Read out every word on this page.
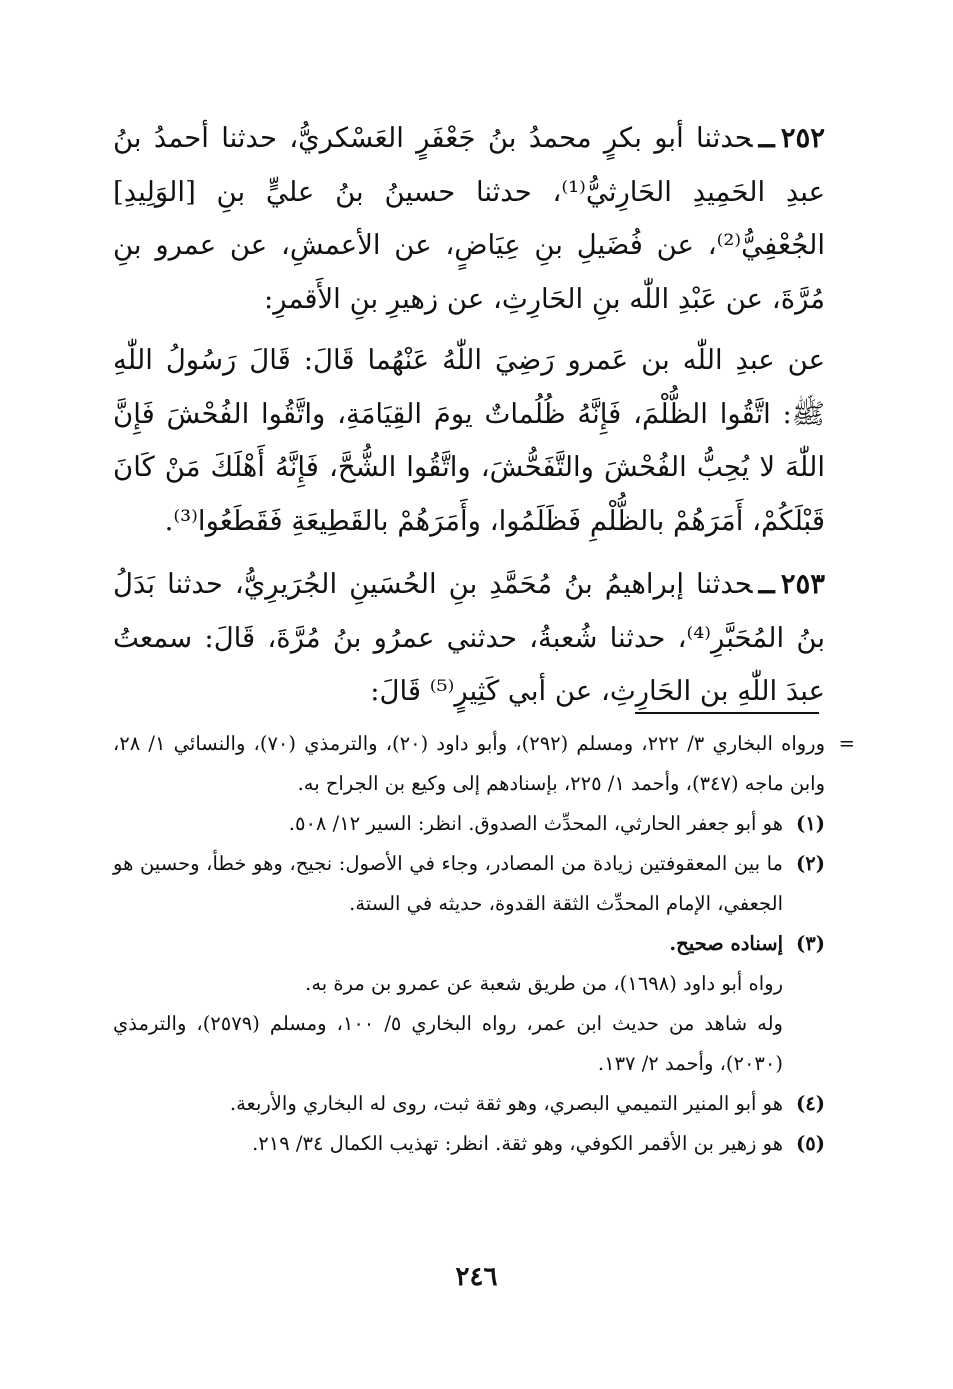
٢٥٢ــحدثنا أبو بكرٍ محمدُ بنُ جَعْفَرٍ العَسْكريُّ، حدثنا أحمدُ بنُ عبدِ الحَمِيدِ الحَارِثيُّ⁽¹⁾، حدثنا حسينُ بنُ عليٍّ بنِ [الوَلِيدِ] الجُعْفِيُّ⁽²⁾، عن فُضَيلِ بنِ عِيَاضٍ، عن الأعمشِ، عن عمرو بنِ مُرَّةَ، عن عَبْدِ اللّٰه بنِ الحَارِثِ، عن زهيرِ بنِ الأَقمرِ:

عن عبدِ اللّٰه بن عَمرو رَضِيَ اللّٰهُ عَنْهُما قَالَ: قَالَ رَسُولُ اللّٰهِ ﷺ: اتَّقُوا الظُّلْمَ، فَإِنَّهُ ظُلُماتٌ يومَ القِيَامَةِ، واتَّقُوا الفُحْشَ فَإِنَّ اللّٰهَ لا يُحِبُّ الفُحْشَ والتَّفَحُّشَ، واتَّقُوا الشُّحَّ، فَإِنَّهُ أَهْلَكَ مَنْ كَانَ قَبْلَكُمْ، أَمَرَهُمْ بالظُّلْمِ فَظَلَمُوا، وأَمَرَهُمْ بالقَطِيعَةِ فَقَطَعُوا⁽³⁾.

٢٥٣ــحدثنا إبراهيمُ بنُ مُحَمَّدِ بنِ الحُسَينِ الجُرَيرِيُّ، حدثنا بَدَلُ بنُ المُحَبَّرِ⁽⁴⁾، حدثنا شُعبةُ، حدثني عمرُو بنُ مُرَّةَ، قَالَ: سمعتُ عبدَ اللّٰهِ بن الحَارِثِ، عن أبي كَثِيرٍ⁽⁵⁾ قَالَ:

=
ورواه البخاري ٣/ ٢٢٢، ومسلم (٢٩٢)، وأبو داود (٢٠)، والترمذي (٧٠)، والنسائي ١/ ٢٨، وابن ماجه (٣٤٧)، وأحمد ١/ ٢٢٥، بإسنادهم إلى وكيع بن الجراح به.

(١)
هو أبو جعفر الحارثي، المحدِّث الصدوق. انظر: السير ١٢/ ٥٠٨.

(٢)
ما بين المعقوفتين زيادة من المصادر، وجاء في الأصول: نجيح، وهو خطأ، وحسين هو الجعفي، الإمام المحدِّث الثقة القدوة، حديثه في الستة.

(٣)
إسناده صحيح.

رواه أبو داود (١٦٩٨)، من طريق شعبة عن عمرو بن مرة به.

وله شاهد من حديث ابن عمر، رواه البخاري ٥/ ١٠٠، ومسلم (٢٥٧٩)، والترمذي (٢٠٣٠)، وأحمد ٢/ ١٣٧.

(٤)
هو أبو المنير التميمي البصري، وهو ثقة ثبت، روى له البخاري والأربعة.

(٥)
هو زهير بن الأقمر الكوفي، وهو ثقة. انظر: تهذيب الكمال ٣٤/ ٢١٩.

٢٤٦
